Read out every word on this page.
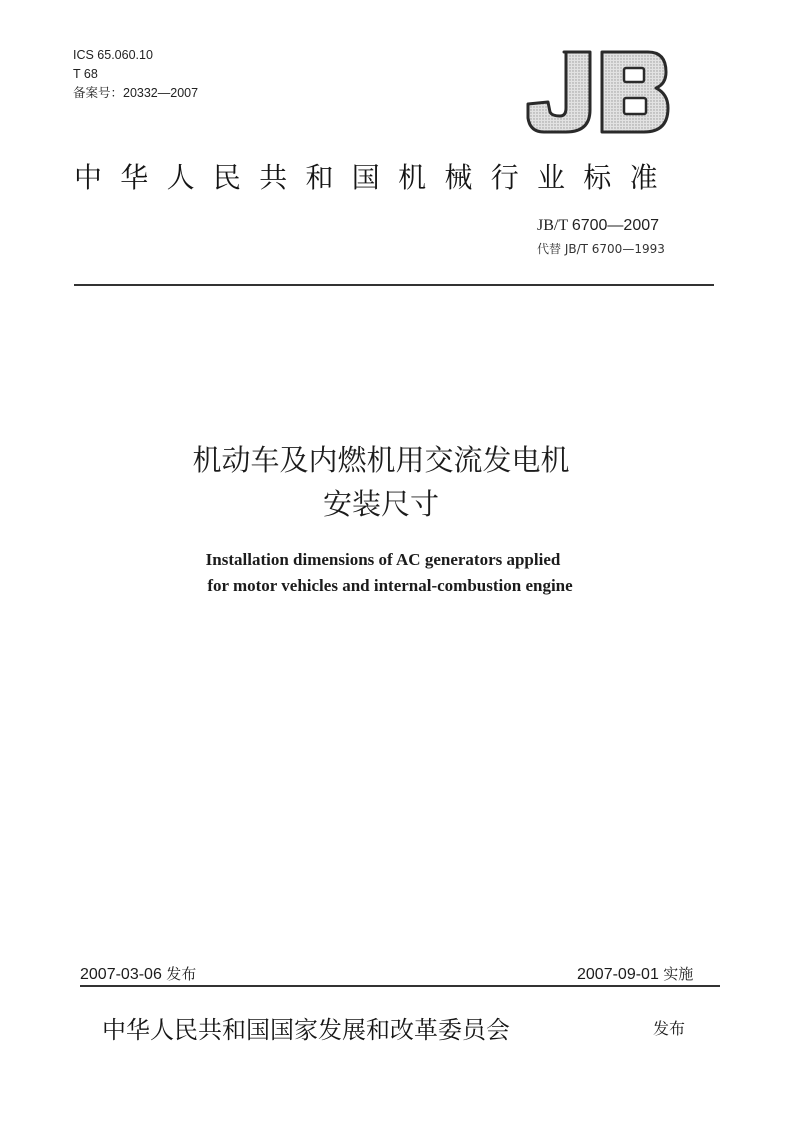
ICS 65.060.10
T 68
备案号：20332—2007
中华人民共和国机械行业标准
JB/T 6700—2007
代替 JB/T 6700—1993
机动车及内燃机用交流发电机
安装尺寸
Installation dimensions of AC generators applied
for motor vehicles and internal-combustion engine
2007-03-06 发布	2007-09-01 实施
中华人民共和国国家发展和改革委员会	发布
